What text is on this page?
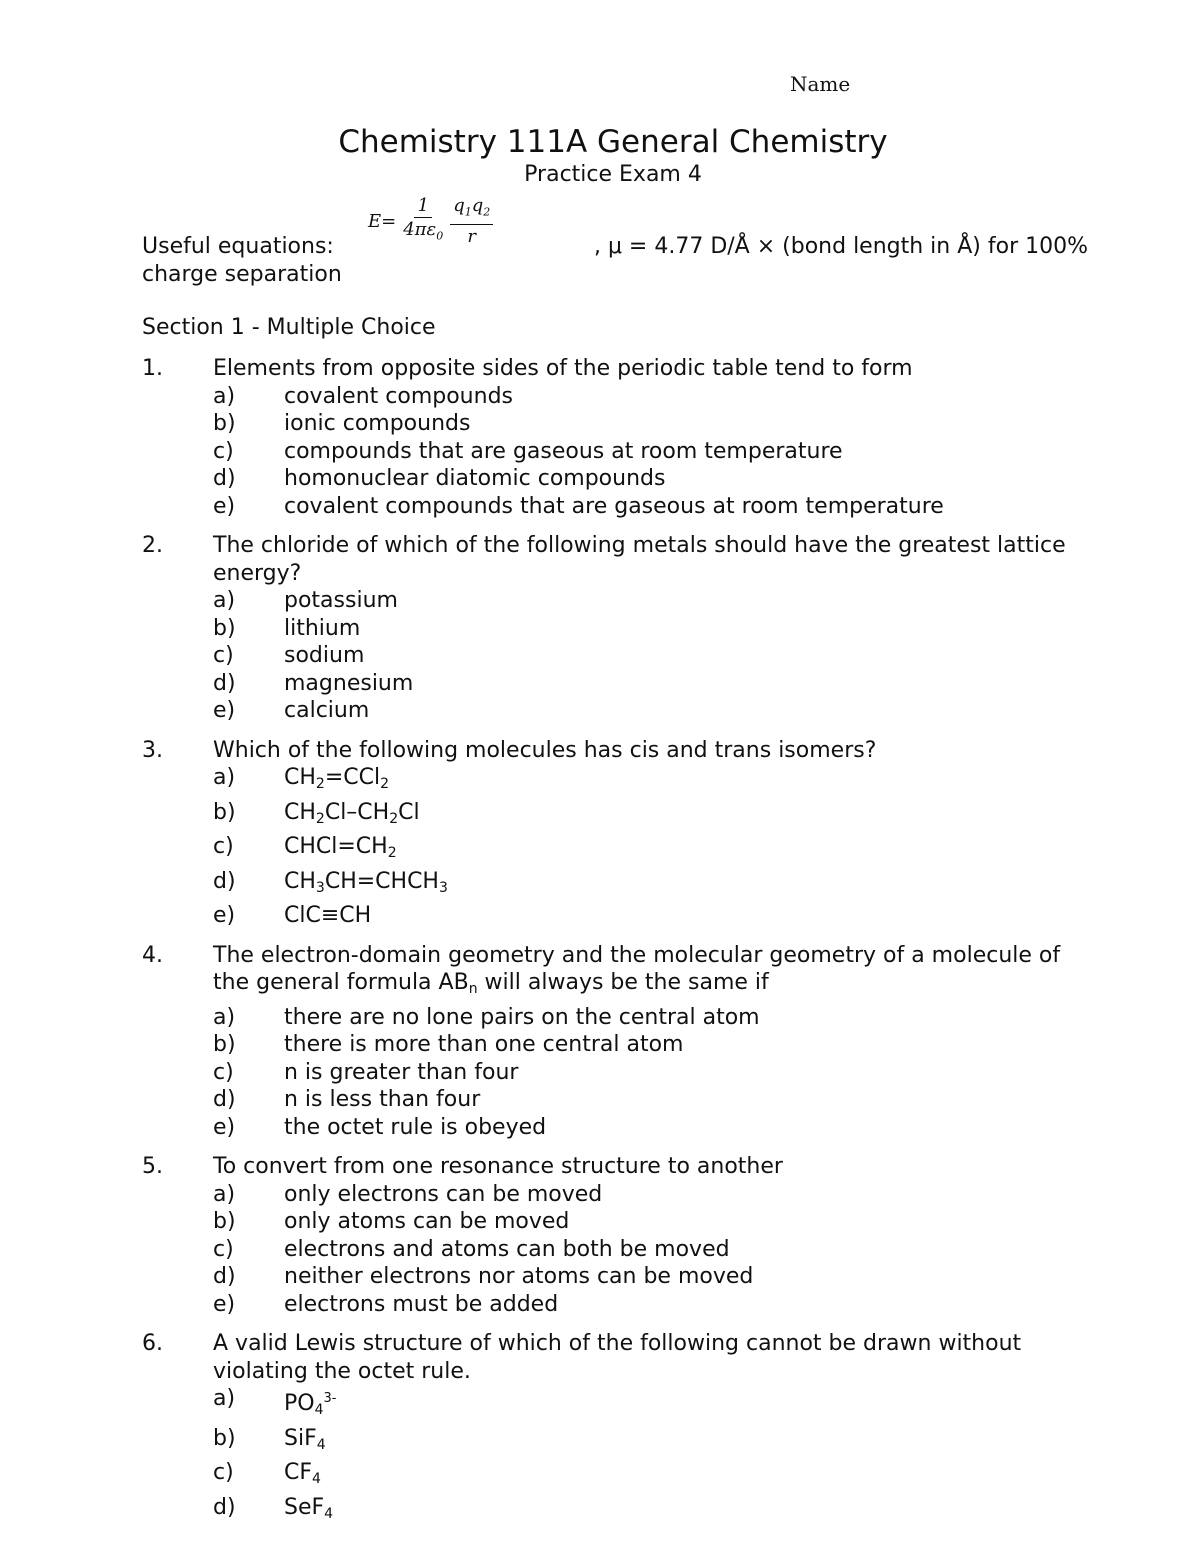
Name
Chemistry 111A General Chemistry
Practice Exam 4
$E= \frac{1}{4\pi\varepsilon_0} \frac{q_1q_2}{r}$
Useful equations:	, μ = 4.77 D/Å × (bond length in Å) for 100%
charge separation
Section 1 - Multiple Choice
1.	Elements from opposite sides of the periodic table tend to form
a)	covalent compounds
b)	ionic compounds
c)	compounds that are gaseous at room temperature
d)	homonuclear diatomic compounds
e)	covalent compounds that are gaseous at room temperature
2.	The chloride of which of the following metals should have the greatest lattice energy?
a)	potassium
b)	lithium
c)	sodium
d)	magnesium
e)	calcium
3.	Which of the following molecules has cis and trans isomers?
a)	$CH_2=CCl_2$
b)	$CH_2Cl-CH_2Cl$
c)	$CHCl=CH_2$
d)	$CH_3CH=CHCH_3$
e)	ClC≡CH
4.	The electron-domain geometry and the molecular geometry of a molecule of the general formula $AB_n$ will always be the same if
a)	there are no lone pairs on the central atom
b)	there is more than one central atom
c)	n is greater than four
d)	n is less than four
e)	the octet rule is obeyed
5.	To convert from one resonance structure to another
a)	only electrons can be moved
b)	only atoms can be moved
c)	electrons and atoms can both be moved
d)	neither electrons nor atoms can be moved
e)	electrons must be added
6.	A valid Lewis structure of which of the following cannot be drawn without violating the octet rule.
a)	$PO_4^{3-}$
b)	SiF$_4$
c)	$CF_4$
d)	SeF$_4$
